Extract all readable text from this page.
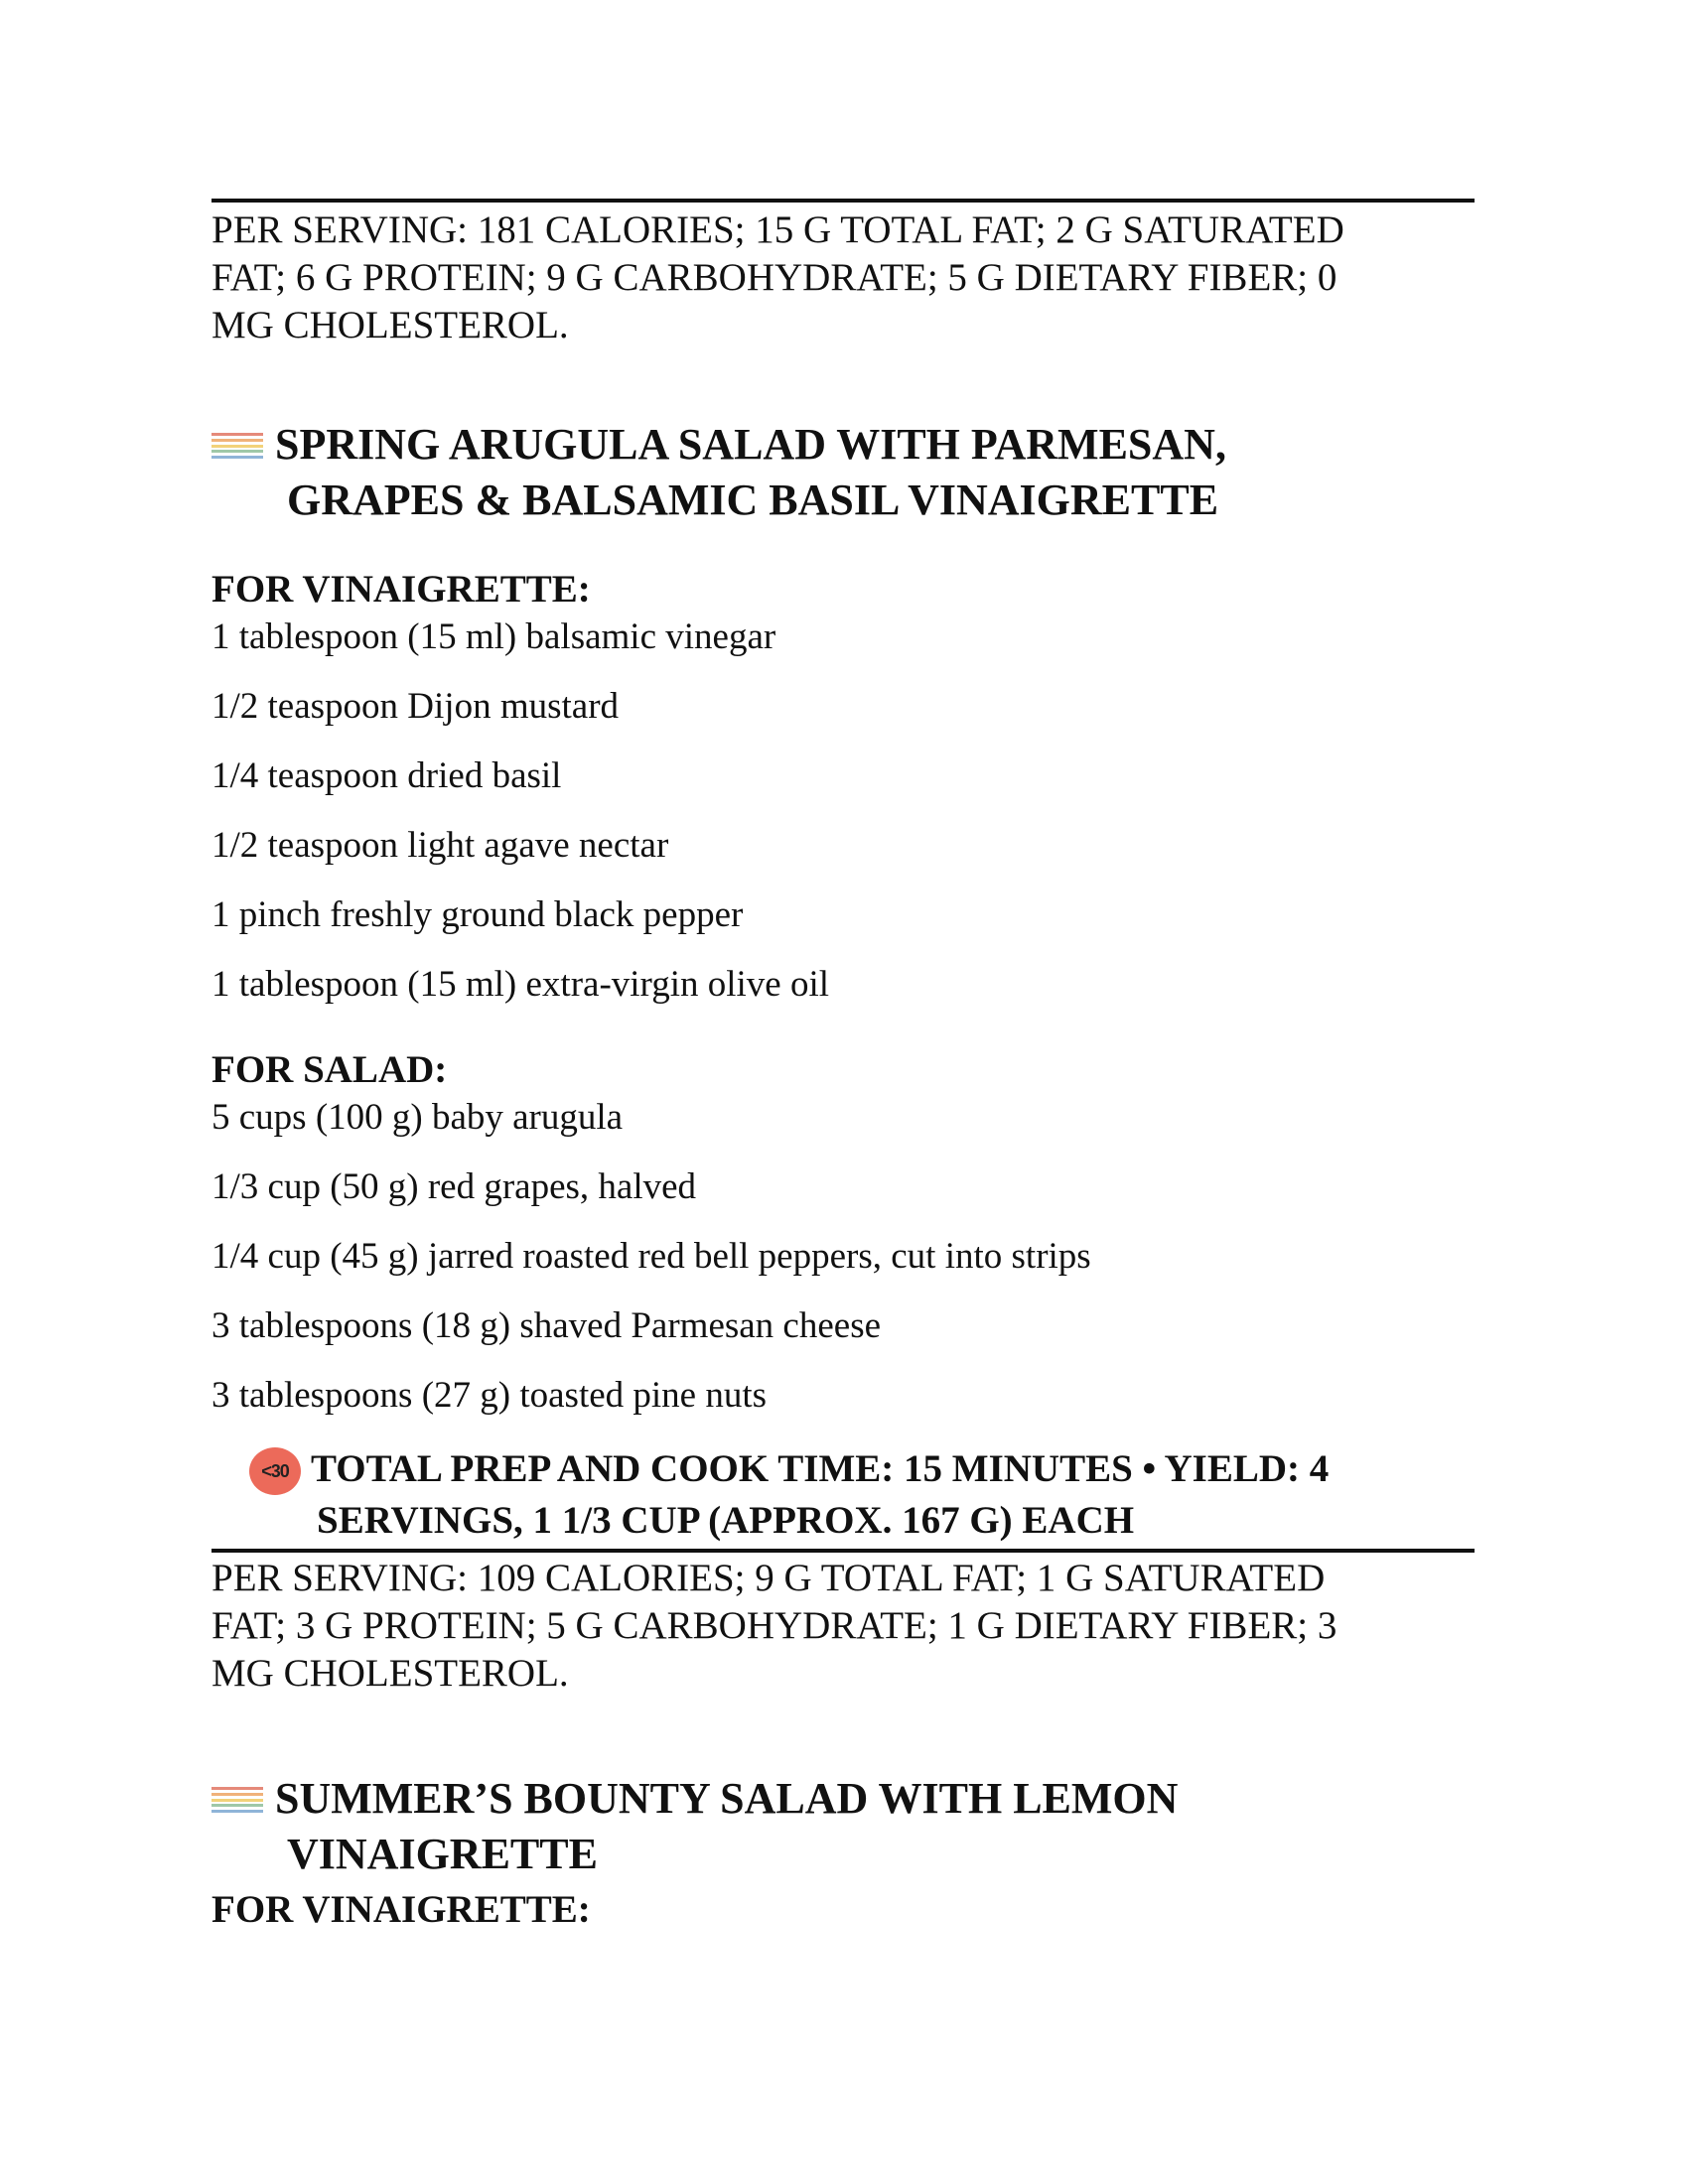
PER SERVING: 181 CALORIES; 15 G TOTAL FAT; 2 G SATURATED
FAT; 6 G PROTEIN; 9 G CARBOHYDRATE; 5 G DIETARY FIBER; 0
MG CHOLESTEROL.
SPRING ARUGULA SALAD WITH PARMESAN,
GRAPES & BALSAMIC BASIL VINAIGRETTE
FOR VINAIGRETTE:
1 tablespoon (15 ml) balsamic vinegar
1/2 teaspoon Dijon mustard
1/4 teaspoon dried basil
1/2 teaspoon light agave nectar
1 pinch freshly ground black pepper
1 tablespoon (15 ml) extra-virgin olive oil
FOR SALAD:
5 cups (100 g) baby arugula
1/3 cup (50 g) red grapes, halved
1/4 cup (45 g) jarred roasted red bell peppers, cut into strips
3 tablespoons (18 g) shaved Parmesan cheese
3 tablespoons (27 g) toasted pine nuts
<30 TOTAL PREP AND COOK TIME: 15 MINUTES • YIELD: 4
SERVINGS, 1 1/3 CUP (APPROX. 167 G) EACH
PER SERVING: 109 CALORIES; 9 G TOTAL FAT; 1 G SATURATED
FAT; 3 G PROTEIN; 5 G CARBOHYDRATE; 1 G DIETARY FIBER; 3
MG CHOLESTEROL.
SUMMER’S BOUNTY SALAD WITH LEMON
VINAIGRETTE
FOR VINAIGRETTE:
